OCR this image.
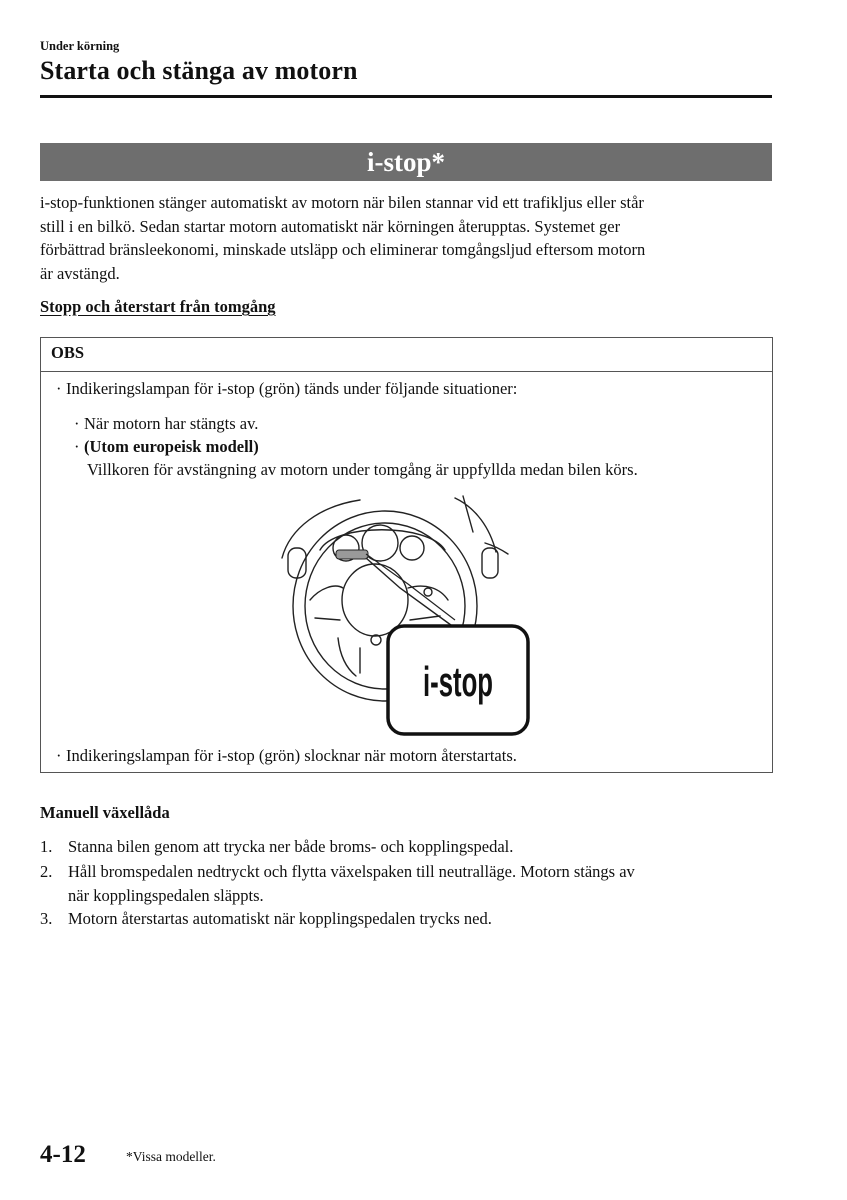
Under körning
Starta och stänga av motorn
i-stop*
i-stop-funktionen stänger automatiskt av motorn när bilen stannar vid ett trafikljus eller står
still i en bilkö. Sedan startar motorn automatiskt när körningen återupptas. Systemet ger
förbättrad bränsleekonomi, minskade utsläpp och eliminerar tomgångsljud eftersom motorn
är avstängd.
Stopp och återstart från tomgång
OBS
· Indikeringslampan för i-stop (grön) tänds under följande situationer:
· När motorn har stängts av.
· (Utom europeisk modell)
Villkoren för avstängning av motorn under tomgång är uppfyllda medan bilen körs.
i-stop
· Indikeringslampan för i-stop (grön) slocknar när motorn återstartats.
Manuell växellåda
1. Stanna bilen genom att trycka ner både broms- och kopplingspedal.
2. Håll bromspedalen nedtryckt och flytta växelspaken till neutralläge. Motorn stängs av
när kopplingspedalen släppts.
3. Motorn återstartas automatiskt när kopplingspedalen trycks ned.
4-12	*Vissa modeller.
